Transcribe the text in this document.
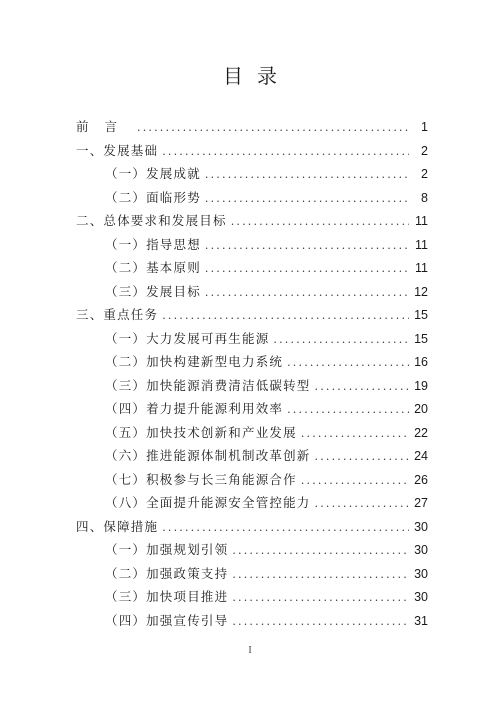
目录
前言 .....	1
一、发展基础 .....	2
（一）发展成就 .....	2
（二）面临形势 .....	8
二、总体要求和发展目标 .....	11
（一）指导思想 .....	11
（二）基本原则 .....	11
（三）发展目标 .....	12
三、重点任务 .....	15
（一）大力发展可再生能源 .....	15
（二）加快构建新型电力系统 .....	16
（三）加快能源消费清洁低碳转型 .....	19
（四）着力提升能源利用效率 .....	20
（五）加快技术创新和产业发展 .....	22
（六）推进能源体制机制改革创新 .....	24
（七）积极参与长三角能源合作 .....	26
（八）全面提升能源安全管控能力 .....	27
四、保障措施 .....	30
（一）加强规划引领 .....	30
（二）加强政策支持 .....	30
（三）加快项目推进 .....	30
（四）加强宣传引导 .....	31
I
